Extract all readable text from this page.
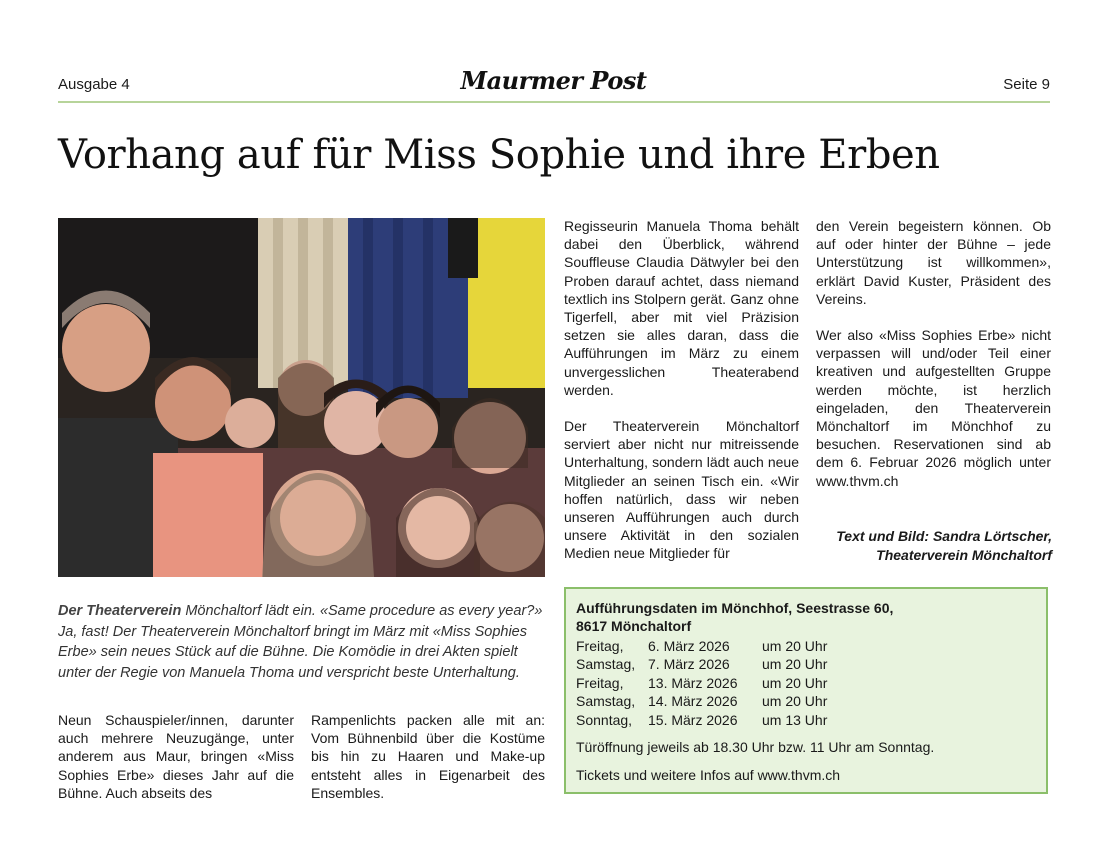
Ausgabe 4	Maurmer Post	Seite 9
Vorhang auf für Miss Sophie und ihre Erben
Der Theaterverein Mönchaltorf lädt ein. «Same procedure as every year?» Ja, fast! Der Theaterverein Mönchaltorf bringt im März mit «Miss Sophies Erbe» sein neues Stück auf die Bühne. Die Komödie in drei Akten spielt unter der Regie von Manuela Thoma und verspricht beste Unterhaltung.

Neun Schauspieler/innen, darunter auch mehrere Neuzugänge, unter anderem aus Maur, bringen «Miss Sophies Erbe» dieses Jahr auf die Bühne. Auch abseits des

Rampenlichts packen alle mit an: Vom Bühnenbild über die Kostüme bis hin zu Haaren und Make-up entsteht alles in Eigenarbeit des Ensembles.

Regisseurin Manuela Thoma behält dabei den Überblick, während Souffleuse Claudia Dätwyler bei den Proben darauf achtet, dass niemand textlich ins Stolpern gerät. Ganz ohne Tigerfell, aber mit viel Präzision setzen sie alles daran, dass die Aufführungen im März zu einem unvergesslichen Theaterabend werden.

Der Theaterverein Mönchaltorf serviert aber nicht nur mitreissende Unterhaltung, sondern lädt auch neue Mitglieder an seinen Tisch ein. «Wir hoffen natürlich, dass wir neben unseren Aufführungen auch durch unsere Aktivität in den sozialen Medien neue Mitglieder für

den Verein begeistern können. Ob auf oder hinter der Bühne – jede Unterstützung ist willkommen», erklärt David Kuster, Präsident des Vereins.

Wer also «Miss Sophies Erbe» nicht verpassen will und/oder Teil einer kreativen und aufgestellten Gruppe werden möchte, ist herzlich eingeladen, den Theaterverein Mönchaltorf im Mönchhof zu besuchen. Reservationen sind ab dem 6. Februar 2026 möglich unter www.thvm.ch

Text und Bild: Sandra Lörtscher,
Theaterverein Mönchaltorf
Aufführungsdaten im Mönchhof, Seestrasse 60,
8617 Mönchaltorf
Freitag,	6. März 2026	um 20 Uhr
Samstag, 7. März 2026	um 20 Uhr
Freitag,	13. März 2026	um 20 Uhr
Samstag, 14. März 2026	um 20 Uhr
Sonntag,	15. März 2026	um 13 Uhr
Türöffnung jeweils ab 18.30 Uhr bzw. 11 Uhr am Sonntag.
Tickets und weitere Infos auf www.thvm.ch
